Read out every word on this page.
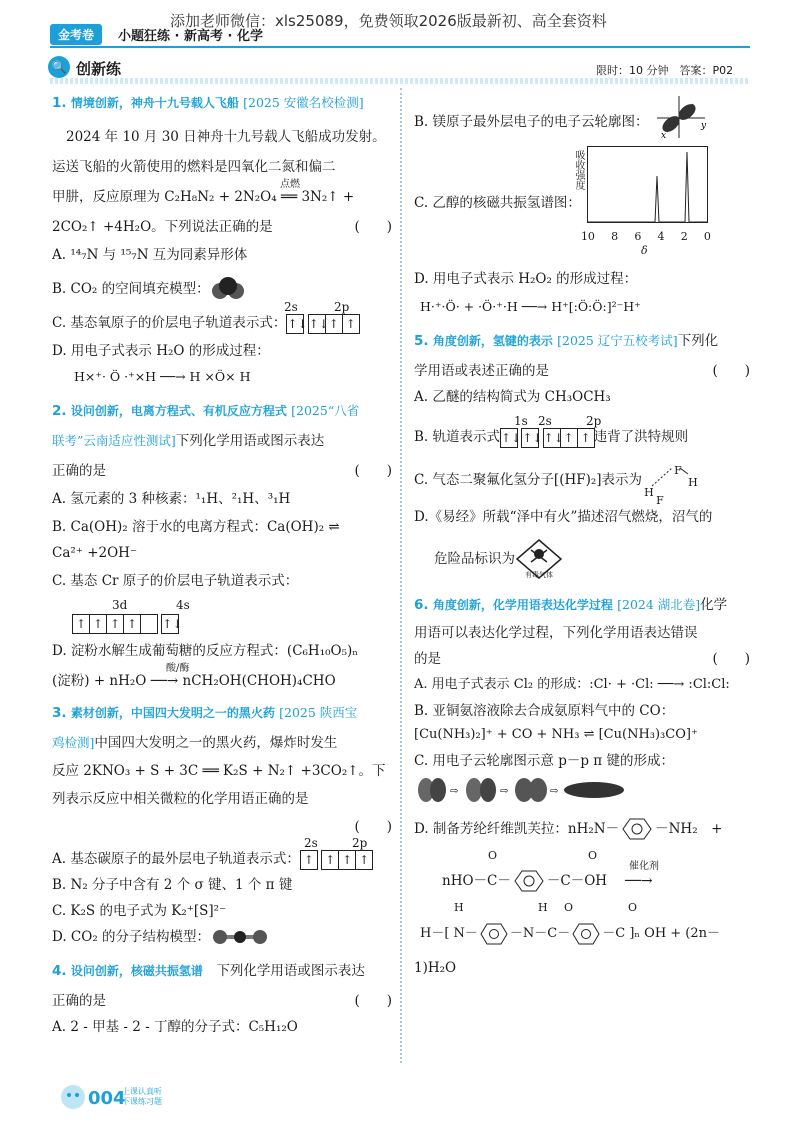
添加老师微信：xls25089，免费领取2026版最新初、高全套资料
金考卷	小题狂练 · 新高考 · 化学
🔍 创新练	限时：10 分钟　答案：P02
1. 情境创新，神舟十九号载人飞船 [2025 安徽名校检测]
2024 年 10 月 30 日神舟十九号载人飞船成功发射。
运送飞船的火箭使用的燃料是四氧化二氮和偏二
甲肼，反应原理为 C₂H₈N₂ + 2N₂O₄ ══ 3N₂↑ +
点燃
2CO₂↑ +4H₂O。下列说法正确的是	(　　)
A. ¹⁴₇N 与 ¹⁵₇N 互为同素异形体
B. CO₂ 的空间填充模型：
2s	2p
C. 基态氧原子的价层电子轨道表示式：↑↓ ↑↓↑ ↑
D. 用电子式表示 H₂O 的形成过程：
H×⁺· Ö ·⁺×H ──→ H ×Ö× H
2. 设问创新，电离方程式、有机反应方程式 [2025“八省
联考”云南适应性测试]下列化学用语或图示表达
正确的是	(　　)
A. 氢元素的 3 种核素：¹₁H、²₁H、³₁H
B. Ca(OH)₂ 溶于水的电离方程式：Ca(OH)₂ ⇌
Ca²⁺ +2OH⁻
C. 基态 Cr 原子的价层电子轨道表示式：
3d	4s
↑ ↑ ↑ ↑ ↑↓
D. 淀粉水解生成葡萄糖的反应方程式：(C₆H₁₀O₅)ₙ
酸/酶
(淀粉) + nH₂O ──→ nCH₂OH(CHOH)₄CHO
3. 素材创新，中国四大发明之一的黑火药 [2025 陕西宝
鸡检测]中国四大发明之一的黑火药，爆炸时发生
反应 2KNO₃ + S + 3C ══ K₂S + N₂↑ +3CO₂↑。下
列表示反应中相关微粒的化学用语正确的是
(　　)
2s	2p
A. 基态碳原子的最外层电子轨道表示式： ↑ ↑ ↑ ↑
B. N₂ 分子中含有 2 个 σ 键、1 个 π 键
C. K₂S 的电子式为 K₂⁺[S]²⁻
D. CO₂ 的分子结构模型：
4. 设问创新，核磁共振氢谱　 下列化学用语或图示表达
正确的是	(　　)
A. 2 - 甲基 - 2 - 丁醇的分子式：C₅H₁₂O
B. 镁原子最外层电子的电子云轮廓图：	y
x
C. 乙醇的核磁共振氢谱图：
吸收强度
10 8 6 4 2 0
δ
D. 用电子式表示 H₂O₂ 的形成过程：
H·⁺·Ö· + ·Ö·⁺·H ──→ H⁺[:Ö:Ö:]²⁻H⁺
5. 角度创新，氢键的表示 [2025 辽宁五校考试]下列化
学用语或表述正确的是	(　　)
A. 乙醚的结构简式为 CH₃OCH₃
1s 2s	2p
B. 轨道表示式↑↓ ↑↓ ↑↓↑ ↑ 违背了洪特规则
C. 气态二聚氟化氢分子[(HF)₂]表示为
H
F
F
H
D.《易经》所载“泽中有火”描述沼气燃烧，沼气的
危险品标识为
有毒气体
6. 角度创新，化学用语表达化学过程 [2024 湖北卷]化学
用语可以表达化学过程，下列化学用语表达错误
的是	(　　)
A. 用电子式表示 Cl₂ 的形成：:Cl· + ·Cl: ──→ :Cl:Cl:
B. 亚铜氨溶液除去合成氨原料气中的 CO：
[Cu(NH₃)₂]⁺ + CO + NH₃ ⇌ [Cu(NH₃)₃CO]⁺
C. 用电子云轮廓图示意 p－p π 键的形成：
⇨	⇨	⇨
D. 制备芳纶纤维凯芙拉：nH₂N－	－NH₂　+
O	O
nHO－C－	－C－OH
催化剂
──→
H	H O	O
H－[ N－ －N－C－ －C ]ₙ OH + (2n－
1)H₂O
004
上课认真听
下课练习题
